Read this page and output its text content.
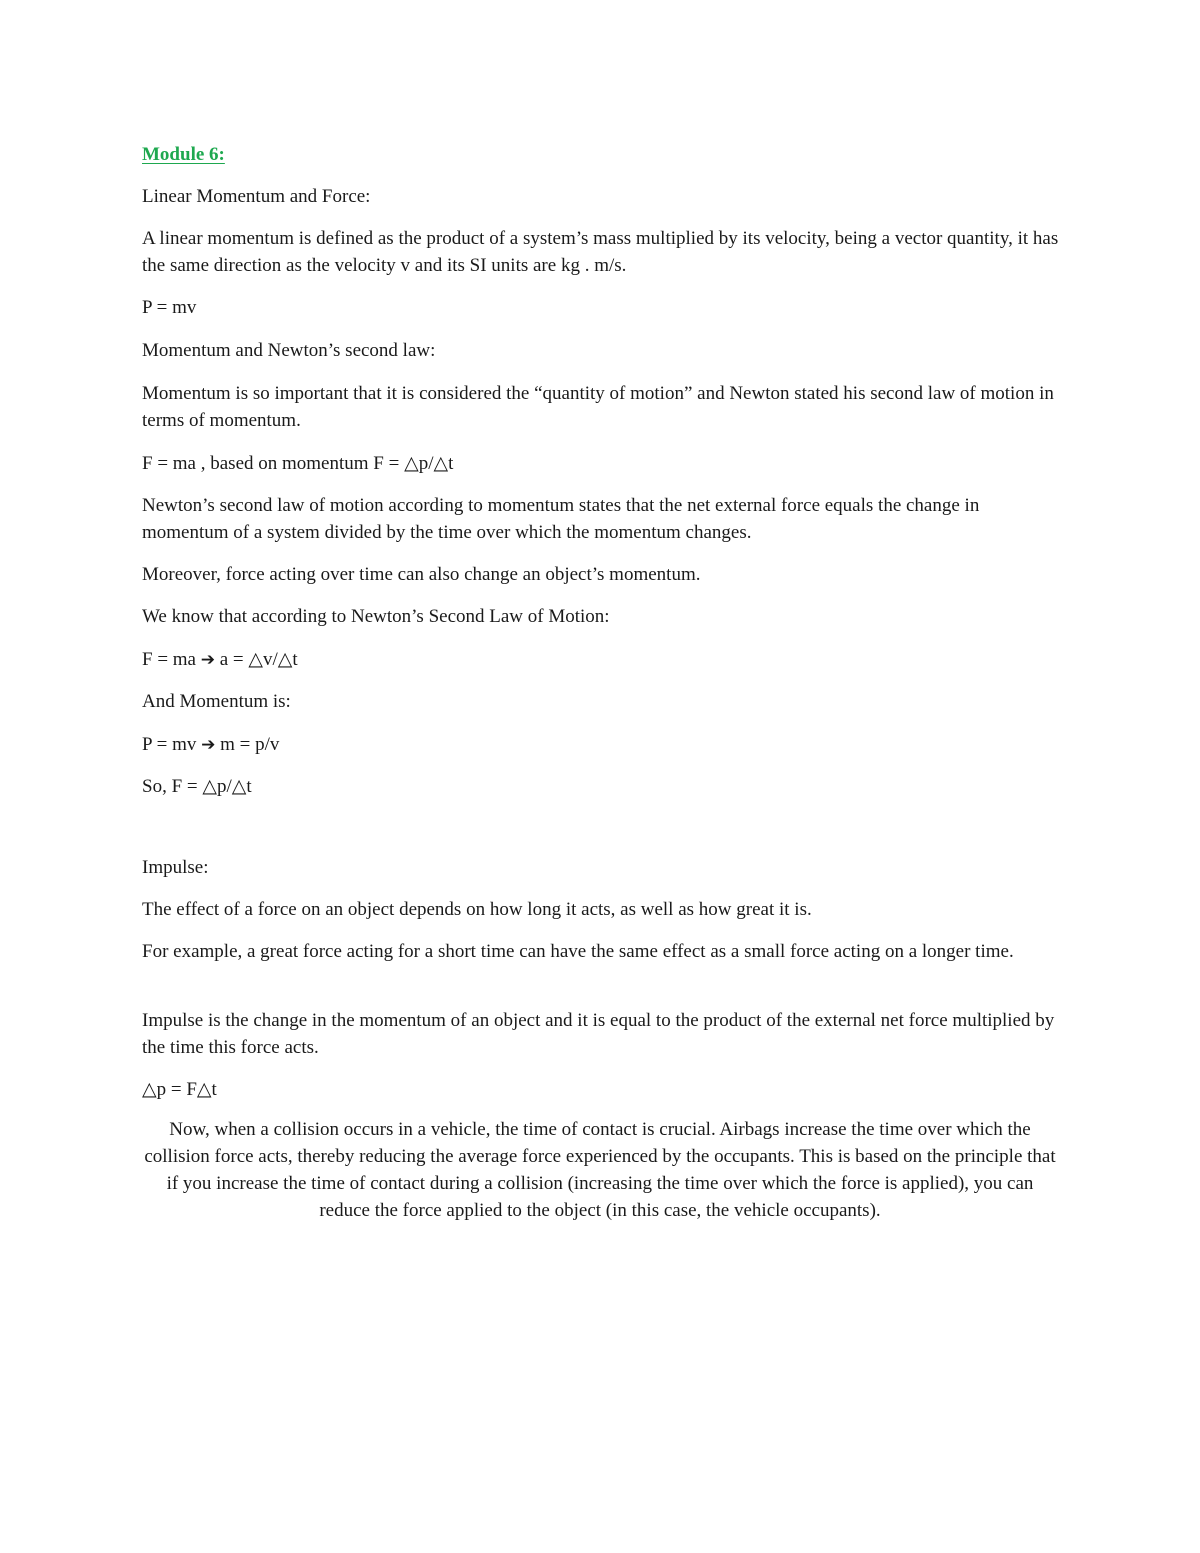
Module 6:

Linear Momentum and Force:

A linear momentum is defined as the product of a system’s mass multiplied by its velocity, being a vector quantity, it has the same direction as the velocity v and its SI units are kg . m/s.

P = mv

Momentum and Newton’s second law:

Momentum is so important that it is considered the “quantity of motion” and Newton stated his second law of motion in terms of momentum.

F = ma , based on momentum F = △p/△t

Newton’s second law of motion according to momentum states that the net external force equals the change in momentum of a system divided by the time over which the momentum changes.

Moreover, force acting over time can also change an object’s momentum.

We know that according to Newton’s Second Law of Motion:

F = ma ➔ a = △v/△t

And Momentum is:

P = mv ➔ m = p/v

So, F = △p/△t

Impulse:

The effect of a force on an object depends on how long it acts, as well as how great it is.

For example, a great force acting for a short time can have the same effect as a small force acting on a longer time.

Impulse is the change in the momentum of an object and it is equal to the product of the external net force multiplied by the time this force acts.

△p = F△t

Now, when a collision occurs in a vehicle, the time of contact is crucial. Airbags increase the time over which the collision force acts, thereby reducing the average force experienced by the occupants. This is based on the principle that if you increase the time of contact during a collision (increasing the time over which the force is applied), you can reduce the force applied to the object (in this case, the vehicle occupants).
